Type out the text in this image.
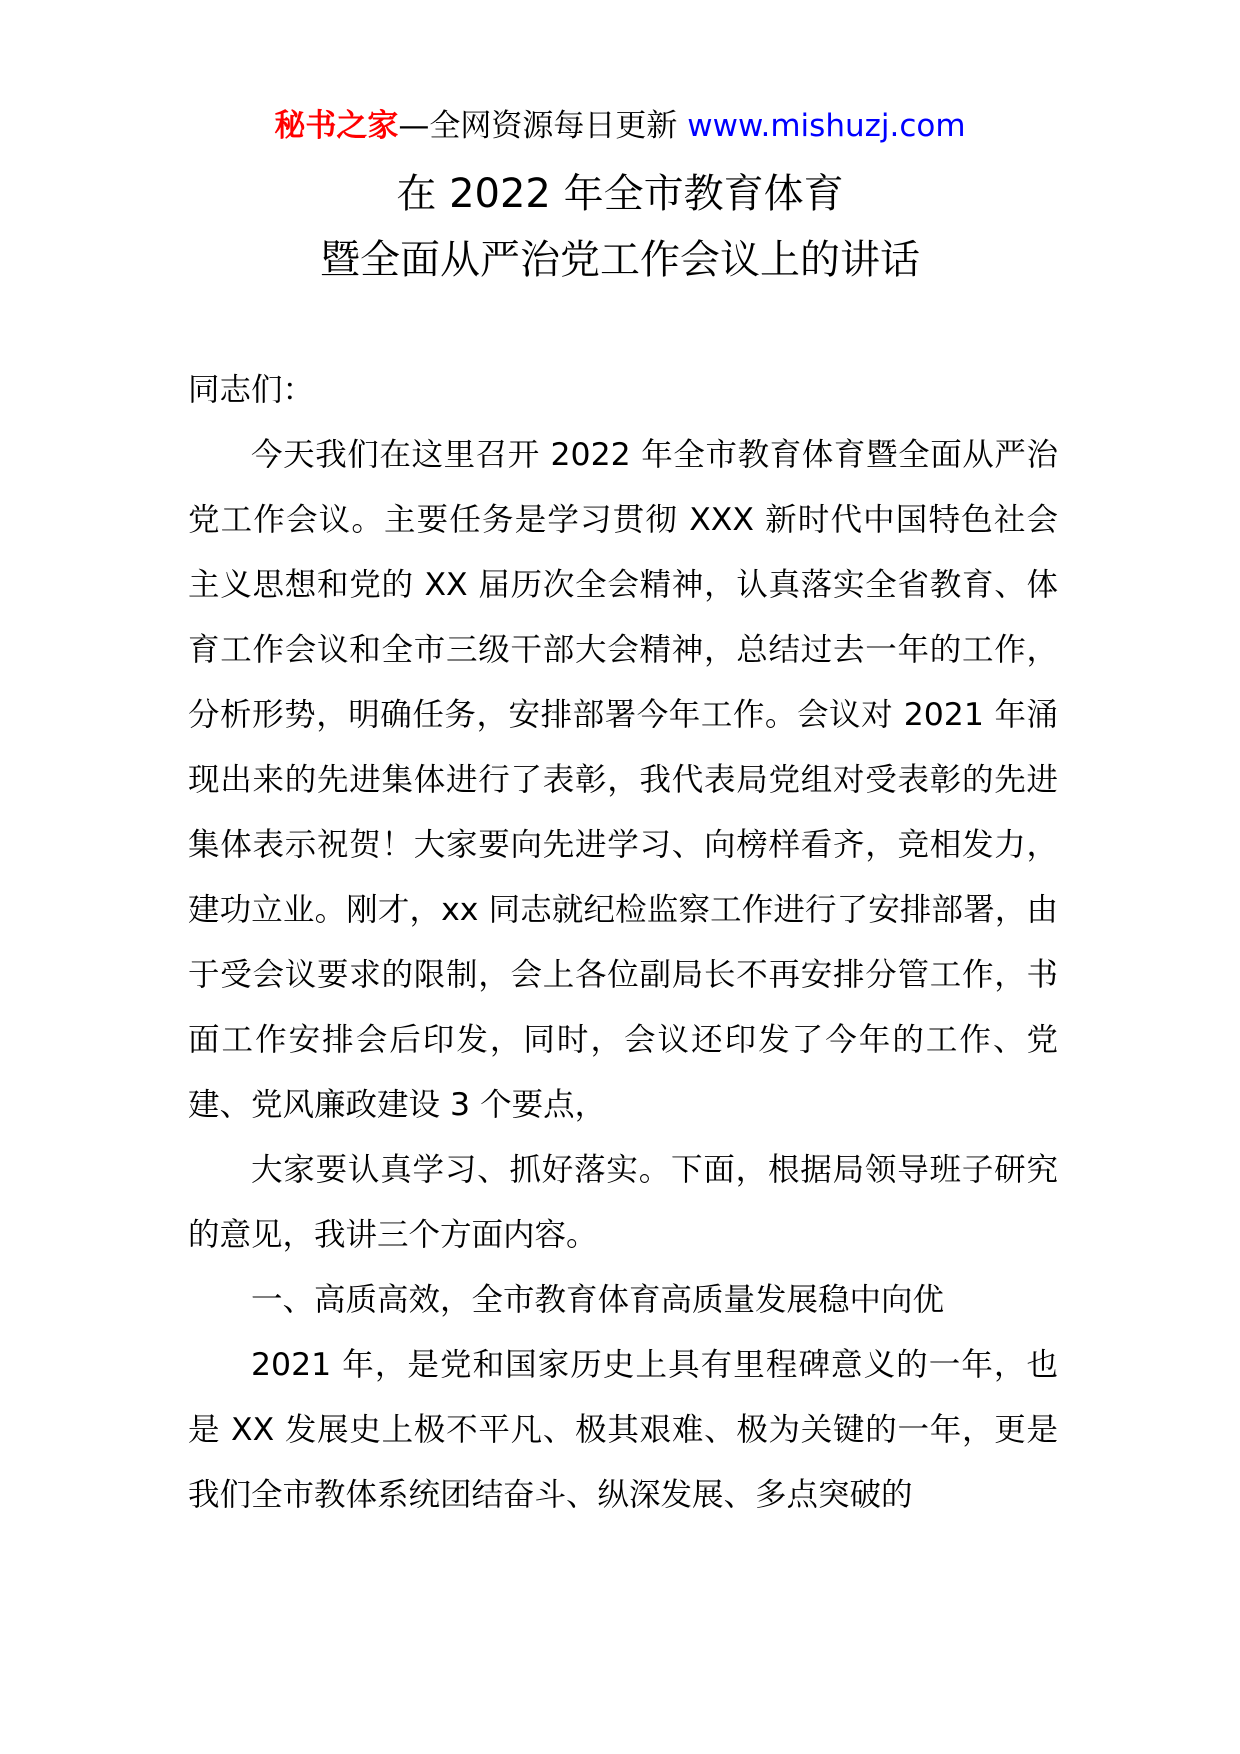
秘书之家—全网资源每日更新 www.mishuzj.com
在 2022 年全市教育体育
暨全面从严治党工作会议上的讲话

同志们：

今天我们在这里召开 2022 年全市教育体育暨全面从严治党工作会议。主要任务是学习贯彻 XXX 新时代中国特色社会主义思想和党的 XX 届历次全会精神，认真落实全省教育、体育工作会议和全市三级干部大会精神，总结过去一年的工作，分析形势，明确任务，安排部署今年工作。会议对 2021 年涌现出来的先进集体进行了表彰，我代表局党组对受表彰的先进集体表示祝贺！大家要向先进学习、向榜样看齐，竞相发力，建功立业。刚才，xx 同志就纪检监察工作进行了安排部署，由于受会议要求的限制，会上各位副局长不再安排分管工作，书面工作安排会后印发，同时，会议还印发了今年的工作、党建、党风廉政建设 3 个要点，

大家要认真学习、抓好落实。下面，根据局领导班子研究的意见，我讲三个方面内容。

一、高质高效，全市教育体育高质量发展稳中向优

2021 年，是党和国家历史上具有里程碑意义的一年，也是 XX 发展史上极不平凡、极其艰难、极为关键的一年，更是我们全市教体系统团结奋斗、纵深发展、多点突破的
